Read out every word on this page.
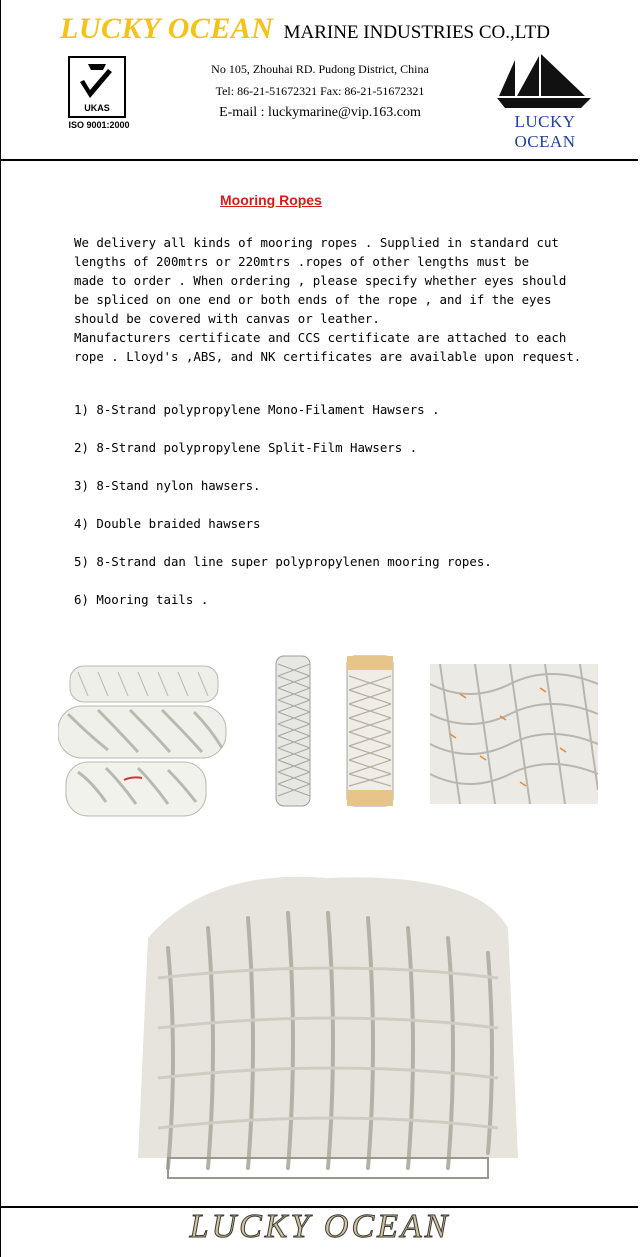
LUCKY OCEAN MARINE INDUSTRIES CO.,LTD
UKAS
ISO 9001:2000
No 105, Zhouhai RD. Pudong District, China
Tel: 86-21-51672321 Fax: 86-21-51672321
E-mail : luckymarine@vip.163.com	LUCKY OCEAN
Mooring Ropes

We delivery all kinds of mooring ropes . Supplied in standard cut
lengths of 200mtrs or 220mtrs .ropes of other lengths must be
made to order . When ordering , please specify whether eyes should
be spliced on one end or both ends of the rope , and if the eyes
should be covered with canvas or leather.
Manufacturers certificate and CCS certificate are attached to each
rope . Lloyd's ,ABS, and NK certificates are available upon request.

1) 8-Strand polypropylene Mono-Filament Hawsers .
2) 8-Strand polypropylene Split-Film Hawsers .
3) 8-Stand nylon hawsers.
4) Double braided hawsers
5) 8-Strand dan line super polypropylenen mooring ropes.
6) Mooring tails .
LUCKY OCEAN
